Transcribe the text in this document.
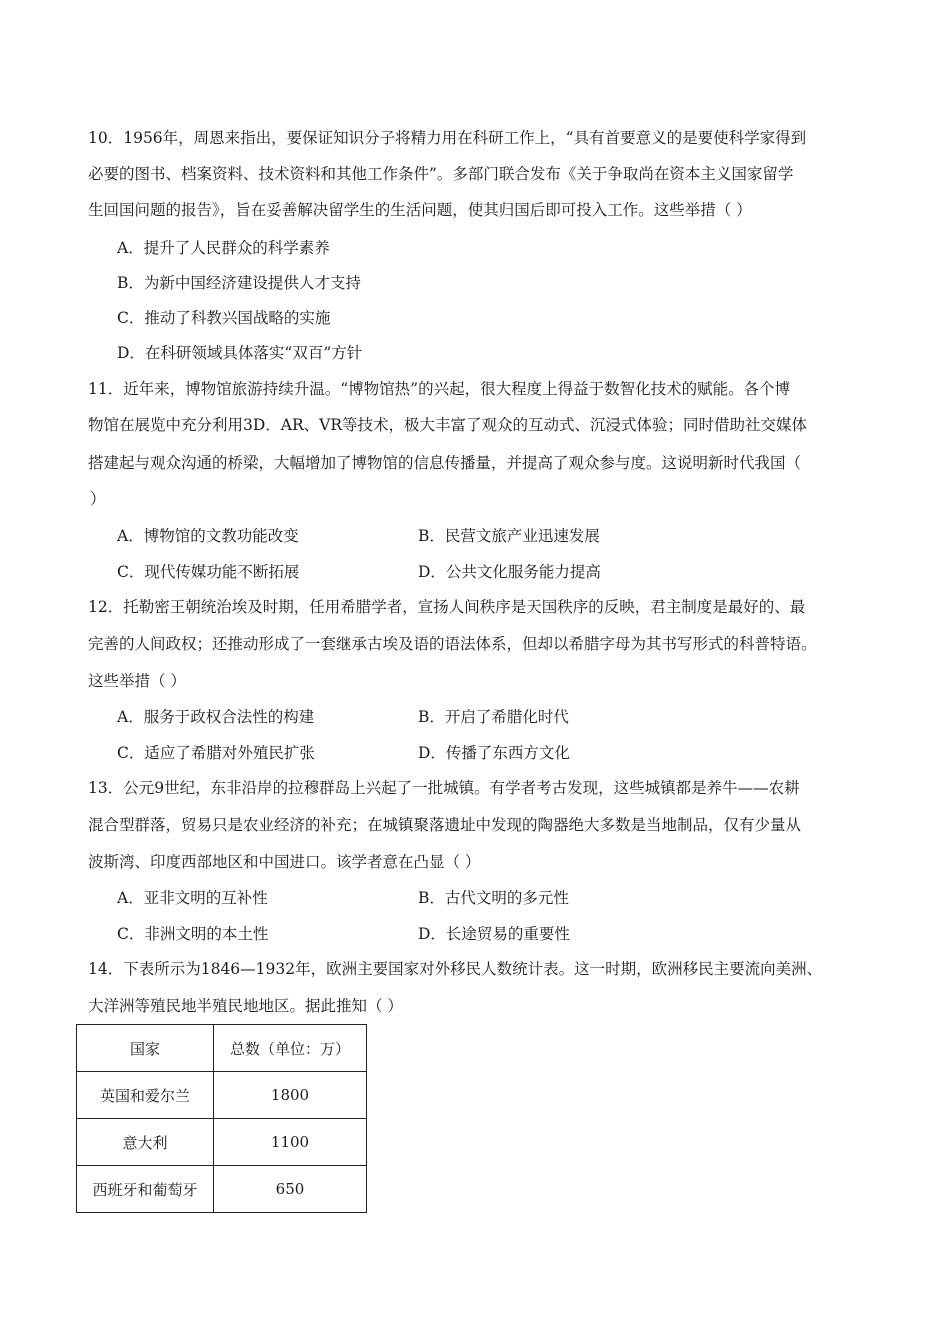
10．1956年，周恩来指出，要保证知识分子将精力用在科研工作上，“具有首要意义的是要使科学家得到
必要的图书、档案资料、技术资料和其他工作条件”。多部门联合发布《关于争取尚在资本主义国家留学
生回国问题的报告》，旨在妥善解决留学生的生活问题，使其归国后即可投入工作。这些举措（ ）
A．提升了人民群众的科学素养
B．为新中国经济建设提供人才支持
C．推动了科教兴国战略的实施
D．在科研领域具体落实“双百”方针
11．近年来，博物馆旅游持续升温。“博物馆热”的兴起，很大程度上得益于数智化技术的赋能。各个博
物馆在展览中充分利用3D．AR、VR等技术，极大丰富了观众的互动式、沉浸式体验；同时借助社交媒体
搭建起与观众沟通的桥梁，大幅增加了博物馆的信息传播量，并提高了观众参与度。这说明新时代我国（
）
A．博物馆的文教功能改变	B．民营文旅产业迅速发展
C．现代传媒功能不断拓展	D．公共文化服务能力提高
12．托勒密王朝统治埃及时期，任用希腊学者，宣扬人间秩序是天国秩序的反映，君主制度是最好的、最
完善的人间政权；还推动形成了一套继承古埃及语的语法体系，但却以希腊字母为其书写形式的科普特语。
这些举措（ ）
A．服务于政权合法性的构建	B．开启了希腊化时代
C．适应了希腊对外殖民扩张	D．传播了东西方文化
13．公元9世纪，东非沿岸的拉穆群岛上兴起了一批城镇。有学者考古发现，这些城镇都是养牛——农耕
混合型群落，贸易只是农业经济的补充；在城镇聚落遗址中发现的陶器绝大多数是当地制品，仅有少量从
波斯湾、印度西部地区和中国进口。该学者意在凸显（ ）
A．亚非文明的互补性	B．古代文明的多元性
C．非洲文明的本土性	D．长途贸易的重要性
14．下表所示为1846—1932年，欧洲主要国家对外移民人数统计表。这一时期，欧洲移民主要流向美洲、
大洋洲等殖民地半殖民地地区。据此推知（ ）
国家	总数（单位：万）
英国和爱尔兰	1800
意大利	1100
西班牙和葡萄牙	650
